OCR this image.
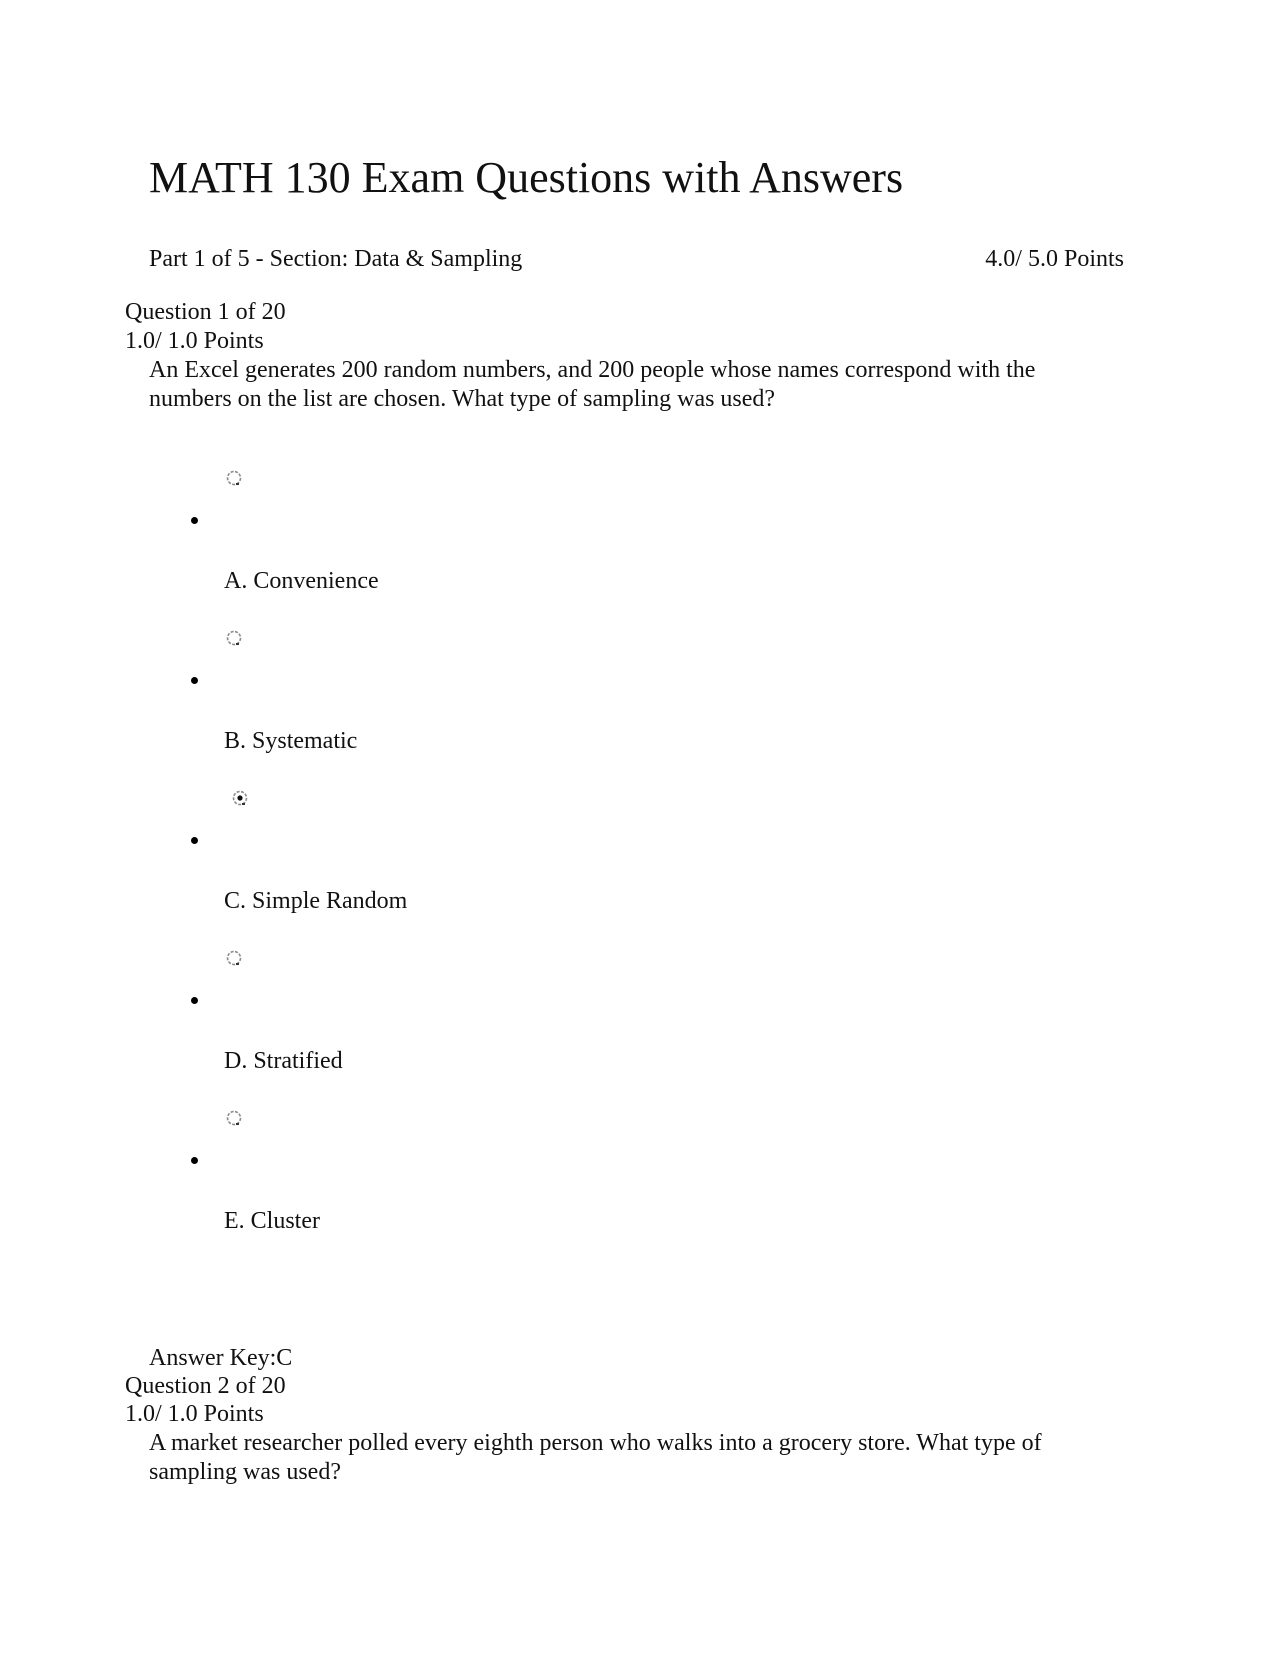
MATH 130 Exam Questions with Answers
Part 1 of 5 - Section: Data & Sampling	4.0/ 5.0 Points
Question 1 of 20
1.0/ 1.0 Points
An Excel generates 200 random numbers, and 200 people whose names correspond with the numbers on the list are chosen. What type of sampling was used?
A. Convenience
B. Systematic
C. Simple Random
D. Stratified
E. Cluster
Answer Key:C
Question 2 of 20
1.0/ 1.0 Points
A market researcher polled every eighth person who walks into a grocery store. What type of sampling was used?
